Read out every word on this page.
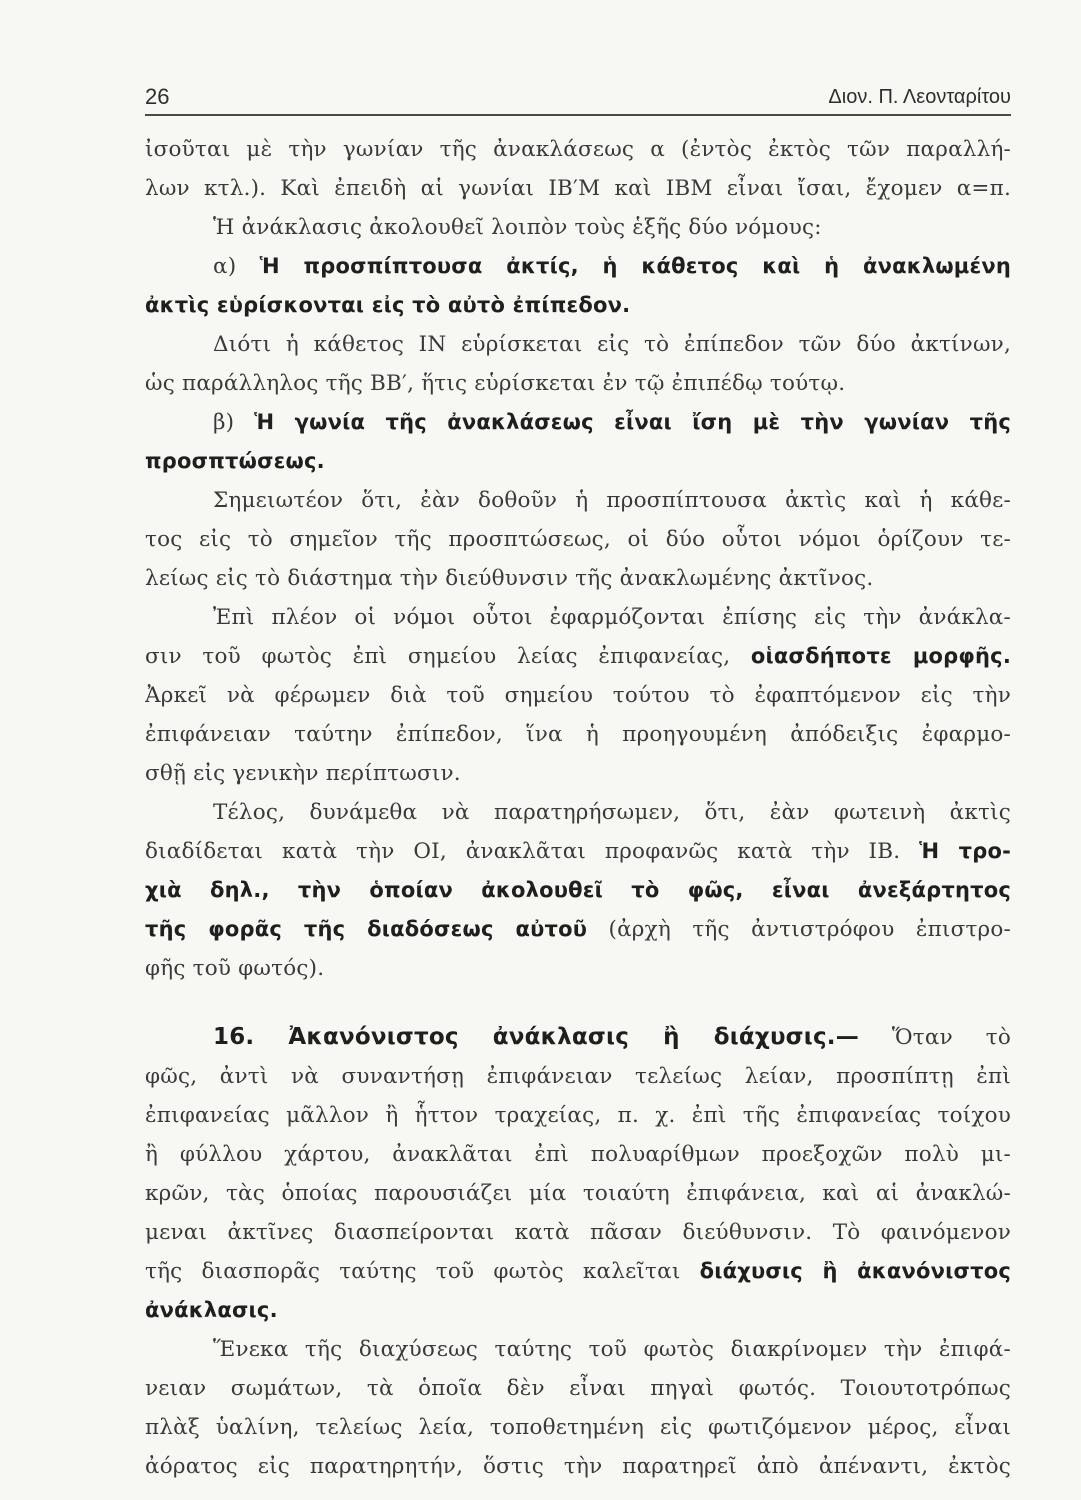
26	Διον. Π. Λεονταρίτου
ἰσοῦται μὲ τὴν γωνίαν τῆς ἀνακλάσεως α (ἐντὸς ἐκτὸς τῶν παραλλή-
λων κτλ.). Καὶ ἐπειδὴ αἱ γωνίαι ΙΒ′Μ καὶ ΙΒΜ εἶναι ἴσαι, ἔχομεν α=π.
Ἡ ἀνάκλασις ἀκολουθεῖ λοιπὸν τοὺς ἑξῆς δύο νόμους:
α) Ἡ προσπίπτουσα ἀκτίς, ἡ κάθετος καὶ ἡ ἀνακλωμένη
ἀκτὶς εὑρίσκονται εἰς τὸ αὐτὸ ἐπίπεδον.
Διότι ἡ κάθετος ΙΝ εὑρίσκεται εἰς τὸ ἐπίπεδον τῶν δύο ἀκτίνων,
ὡς παράλληλος τῆς ΒΒ′, ἥτις εὑρίσκεται ἐν τῷ ἐπιπέδῳ τούτῳ.
β) Ἡ γωνία τῆς ἀνακλάσεως εἶναι ἴση μὲ τὴν γωνίαν τῆς
προσπτώσεως.
Σημειωτέον ὅτι, ἐὰν δοθοῦν ἡ προσπίπτουσα ἀκτὶς καὶ ἡ κάθε-
τος εἰς τὸ σημεῖον τῆς προσπτώσεως, οἱ δύο οὗτοι νόμοι ὁρίζουν τε-
λείως εἰς τὸ διάστημα τὴν διεύθυνσιν τῆς ἀνακλωμένης ἀκτῖνος.
Ἐπὶ πλέον οἱ νόμοι οὗτοι ἐφαρμόζονται ἐπίσης εἰς τὴν ἀνάκλα-
σιν τοῦ φωτὸς ἐπὶ σημείου λείας ἐπιφανείας, οἱασδήποτε μορφῆς.
Ἀρκεῖ νὰ φέρωμεν διὰ τοῦ σημείου τούτου τὸ ἐφαπτόμενον εἰς τὴν
ἐπιφάνειαν ταύτην ἐπίπεδον, ἵνα ἡ προηγουμένη ἀπόδειξις ἐφαρμο-
σθῇ εἰς γενικὴν περίπτωσιν.
Τέλος, δυνάμεθα νὰ παρατηρήσωμεν, ὅτι, ἐὰν φωτεινὴ ἀκτὶς
διαδίδεται κατὰ τὴν ΟΙ, ἀνακλᾶται προφανῶς κατὰ τὴν ΙΒ. Ἡ τρο-
χιὰ δηλ., τὴν ὁποίαν ἀκολουθεῖ τὸ φῶς, εἶναι ἀνεξάρτητος
τῆς φορᾶς τῆς διαδόσεως αὐτοῦ (ἀρχὴ τῆς ἀντιστρόφου ἐπιστρο-
φῆς τοῦ φωτός).
16. Ἀκανόνιστος ἀνάκλασις ἢ διάχυσις.— Ὅταν τὸ
φῶς, ἀντὶ νὰ συναντήσῃ ἐπιφάνειαν τελείως λείαν, προσπίπτῃ ἐπὶ
ἐπιφανείας μᾶλλον ἢ ἧττον τραχείας, π. χ. ἐπὶ τῆς ἐπιφανείας τοίχου
ἢ φύλλου χάρτου, ἀνακλᾶται ἐπὶ πολυαρίθμων προεξοχῶν πολὺ μι-
κρῶν, τὰς ὁποίας παρουσιάζει μία τοιαύτη ἐπιφάνεια, καὶ αἱ ἀνακλώ-
μεναι ἀκτῖνες διασπείρονται κατὰ πᾶσαν διεύθυνσιν. Τὸ φαινόμενον
τῆς διασπορᾶς ταύτης τοῦ φωτὸς καλεῖται διάχυσις ἢ ἀκανόνιστος
ἀνάκλασις.
Ἕνεκα τῆς διαχύσεως ταύτης τοῦ φωτὸς διακρίνομεν τὴν ἐπιφά-
νειαν σωμάτων, τὰ ὁποῖα δὲν εἶναι πηγαὶ φωτός. Τοιουτοτρόπως
πλὰξ ὑαλίνη, τελείως λεία, τοποθετημένη εἰς φωτιζόμενον μέρος, εἶναι
ἀόρατος εἰς παρατηρητήν, ὅστις τὴν παρατηρεῖ ἀπὸ ἀπέναντι, ἐκτὸς
